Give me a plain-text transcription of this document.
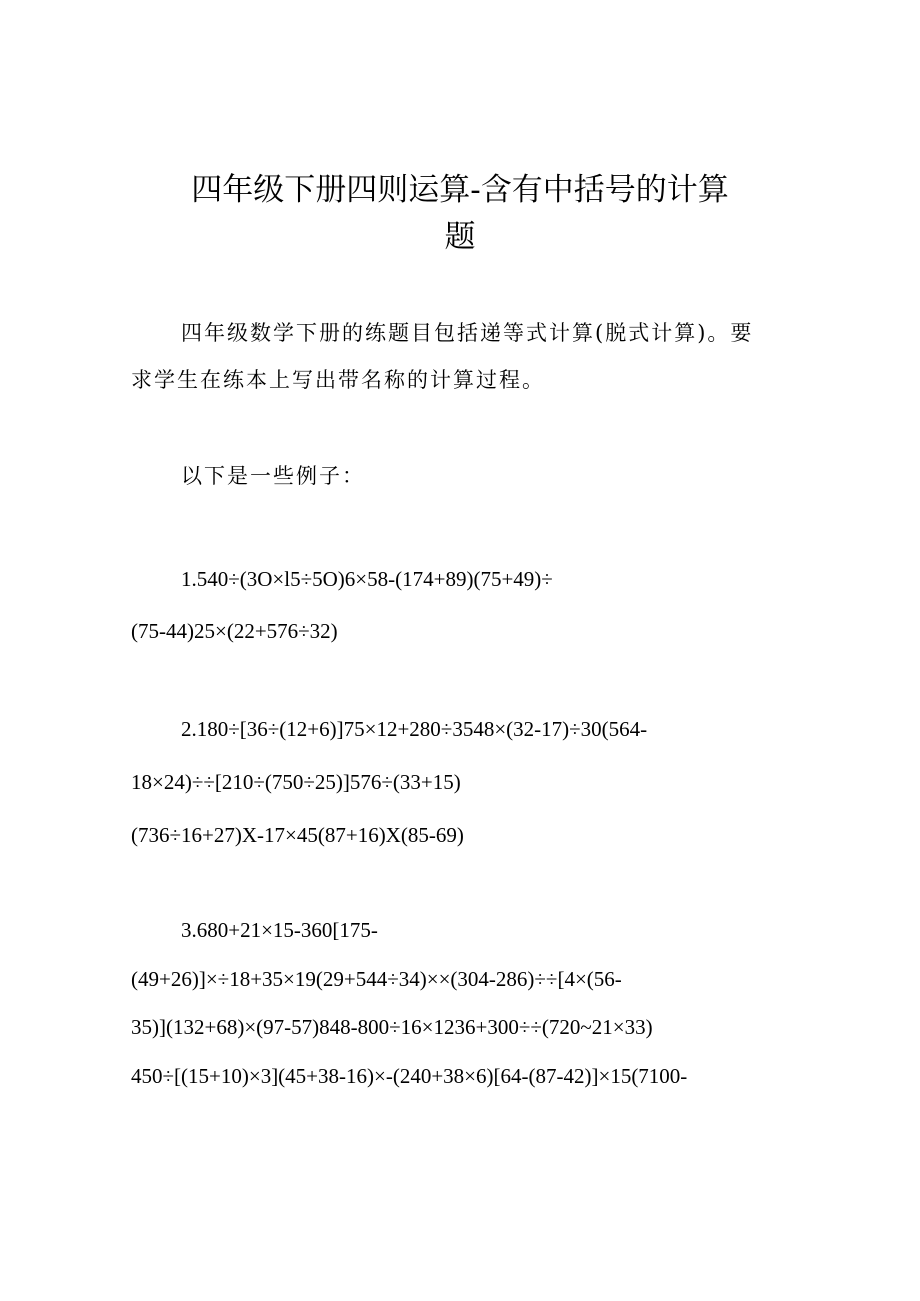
四年级下册四则运算-含有中括号的计算
题

四年级数学下册的练题目包括递等式计算(脱式计算)。要

求学生在练本上写出带名称的计算过程。

以下是一些例子：

1.540÷(3O×l5÷5O)6×58-(174+89)(75+49)÷

(75-44)25×(22+576÷32)

2.180÷[36÷(12+6)]75×12+280÷3548×(32-17)÷30(564-

18×24)÷÷[210÷(750÷25)]576÷(33+15)

(736÷16+27)X-17×45(87+16)X(85-69)

3.680+21×15-360[175-

(49+26)]×÷18+35×19(29+544÷34)××(304-286)÷÷[4×(56-

35)](132+68)×(97-57)848-800÷16×1236+300÷÷(720~21×33)

450÷[(15+10)×3](45+38-16)×-(240+38×6)[64-(87-42)]×15(7100-
